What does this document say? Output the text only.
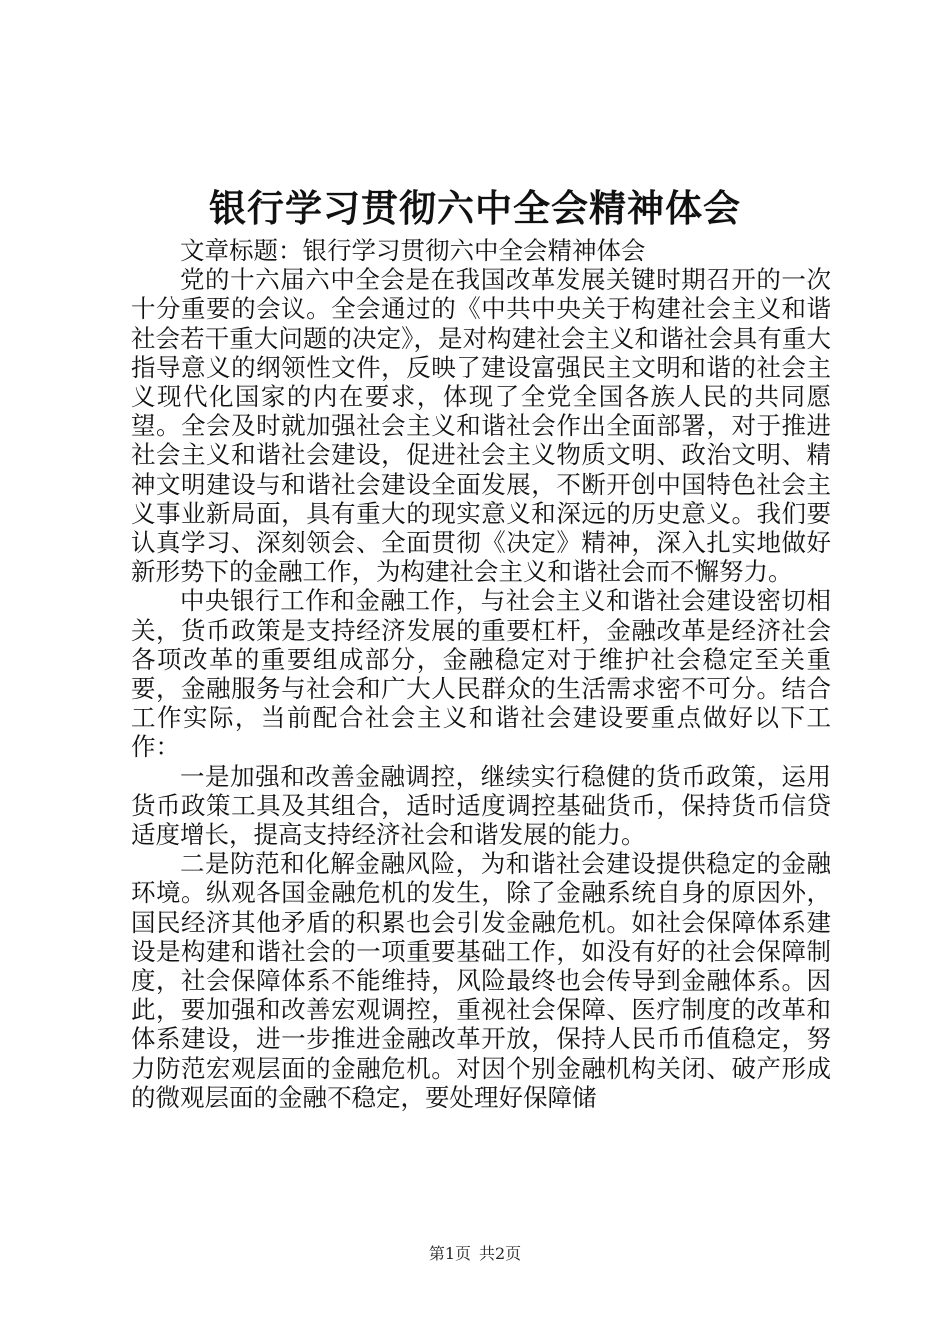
银行学习贯彻六中全会精神体会

文章标题：银行学习贯彻六中全会精神体会

党的十六届六中全会是在我国改革发展关键时期召开的一次十分重要的会议。全会通过的《中共中央关于构建社会主义和谐社会若干重大问题的决定》，是对构建社会主义和谐社会具有重大指导意义的纲领性文件，反映了建设富强民主文明和谐的社会主义现代化国家的内在要求，体现了全党全国各族人民的共同愿望。全会及时就加强社会主义和谐社会作出全面部署，对于推进社会主义和谐社会建设，促进社会主义物质文明、政治文明、精神文明建设与和谐社会建设全面发展，不断开创中国特色社会主义事业新局面，具有重大的现实意义和深远的历史意义。我们要认真学习、深刻领会、全面贯彻《决定》精神，深入扎实地做好新形势下的金融工作，为构建社会主义和谐社会而不懈努力。

中央银行工作和金融工作，与社会主义和谐社会建设密切相关，货币政策是支持经济发展的重要杠杆，金融改革是经济社会各项改革的重要组成部分，金融稳定对于维护社会稳定至关重要，金融服务与社会和广大人民群众的生活需求密不可分。结合工作实际，当前配合社会主义和谐社会建设要重点做好以下工作：

一是加强和改善金融调控，继续实行稳健的货币政策，运用货币政策工具及其组合，适时适度调控基础货币，保持货币信贷适度增长，提高支持经济社会和谐发展的能力。

二是防范和化解金融风险，为和谐社会建设提供稳定的金融环境。纵观各国金融危机的发生，除了金融系统自身的原因外，国民经济其他矛盾的积累也会引发金融危机。如社会保障体系建设是构建和谐社会的一项重要基础工作，如没有好的社会保障制度，社会保障体系不能维持，风险最终也会传导到金融体系。因此，要加强和改善宏观调控，重视社会保障、医疗制度的改革和体系建设，进一步推进金融改革开放，保持人民币币值稳定，努力防范宏观层面的金融危机。对因个别金融机构关闭、破产形成的微观层面的金融不稳定，要处理好保障储

第1页 共2页
